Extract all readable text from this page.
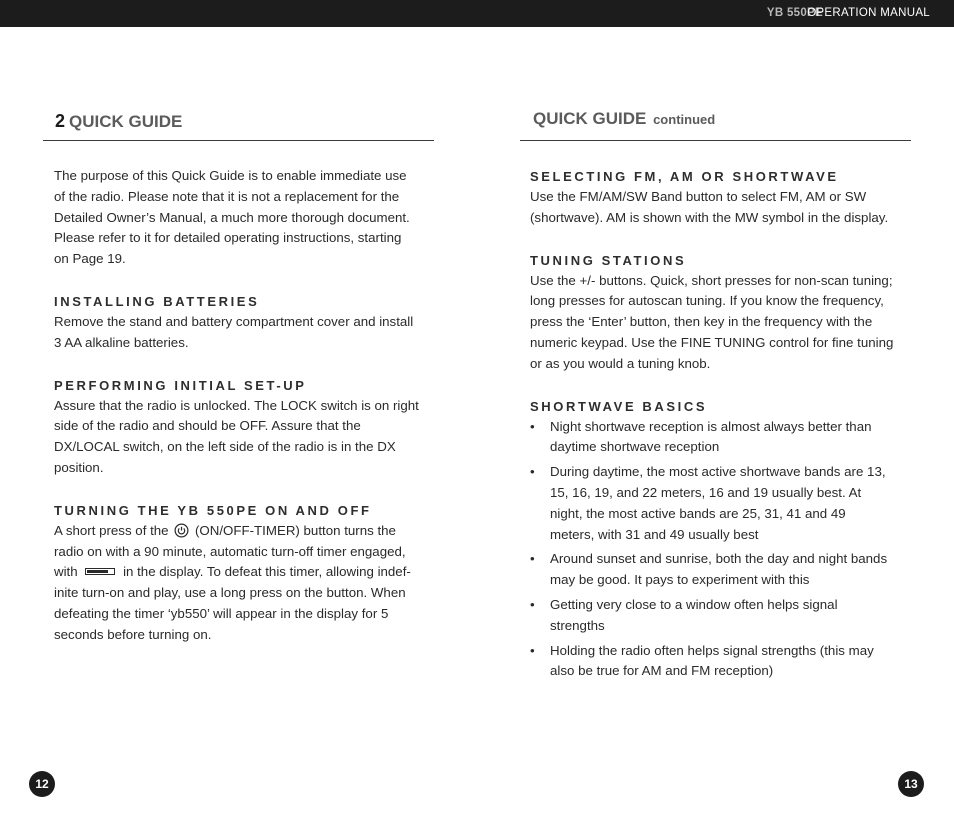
YB 550PE
OPERATION MANUAL
2 QUICK GUIDE

The purpose of this Quick Guide is to enable immediate use

of the radio. Please note that it is not a replacement for the

Detailed Owner’s Manual, a much more thorough document.

Please refer to it for detailed operating instructions, starting

on Page 19.

INSTALLING BATTERIES

Remove the stand and battery compartment cover and install

3 AA alkaline batteries.

PERFORMING INITIAL SET-UP

Assure that the radio is unlocked. The LOCK switch is on right

side of the radio and should be OFF. Assure that the

DX/LOCAL switch, on the left side of the radio is in the DX

position.

TURNING THE YB 550PE ON AND OFF

A short press of the (ON/OFF-TIMER) button turns the

radio on with a 90 minute, automatic turn-off timer engaged,

with	in the display. To defeat this timer, allowing indef-

inite turn-on and play, use a long press on the button. When

defeating the timer ‘yb550’ will appear in the display for 5

seconds before turning on.

QUICK GUIDE continued
SELECTING FM, AM OR SHORTWAVE

Use the FM/AM/SW Band button to select FM, AM or SW

(shortwave). AM is shown with the MW symbol in the display.

TUNING STATIONS

Use the +/- buttons. Quick, short presses for non-scan tuning;

long presses for autoscan tuning. If you know the frequency,

press the ‘Enter’ button, then key in the frequency with the

numeric keypad. Use the FINE TUNING control for fine tuning

or as you would a tuning knob.

SHORTWAVE BASICS
• Night shortwave reception is almost always better than

daytime shortwave reception

• During daytime, the most active shortwave bands are 13,

15, 16, 19, and 22 meters, 16 and 19 usually best. At

night, the most active bands are 25, 31, 41 and 49

meters, with 31 and 49 usually best

• Around sunset and sunrise, both the day and night bands

may be good. It pays to experiment with this

• Getting very close to a window often helps signal

strengths

• Holding the radio often helps signal strengths (this may

also be true for AM and FM reception)

12	13
